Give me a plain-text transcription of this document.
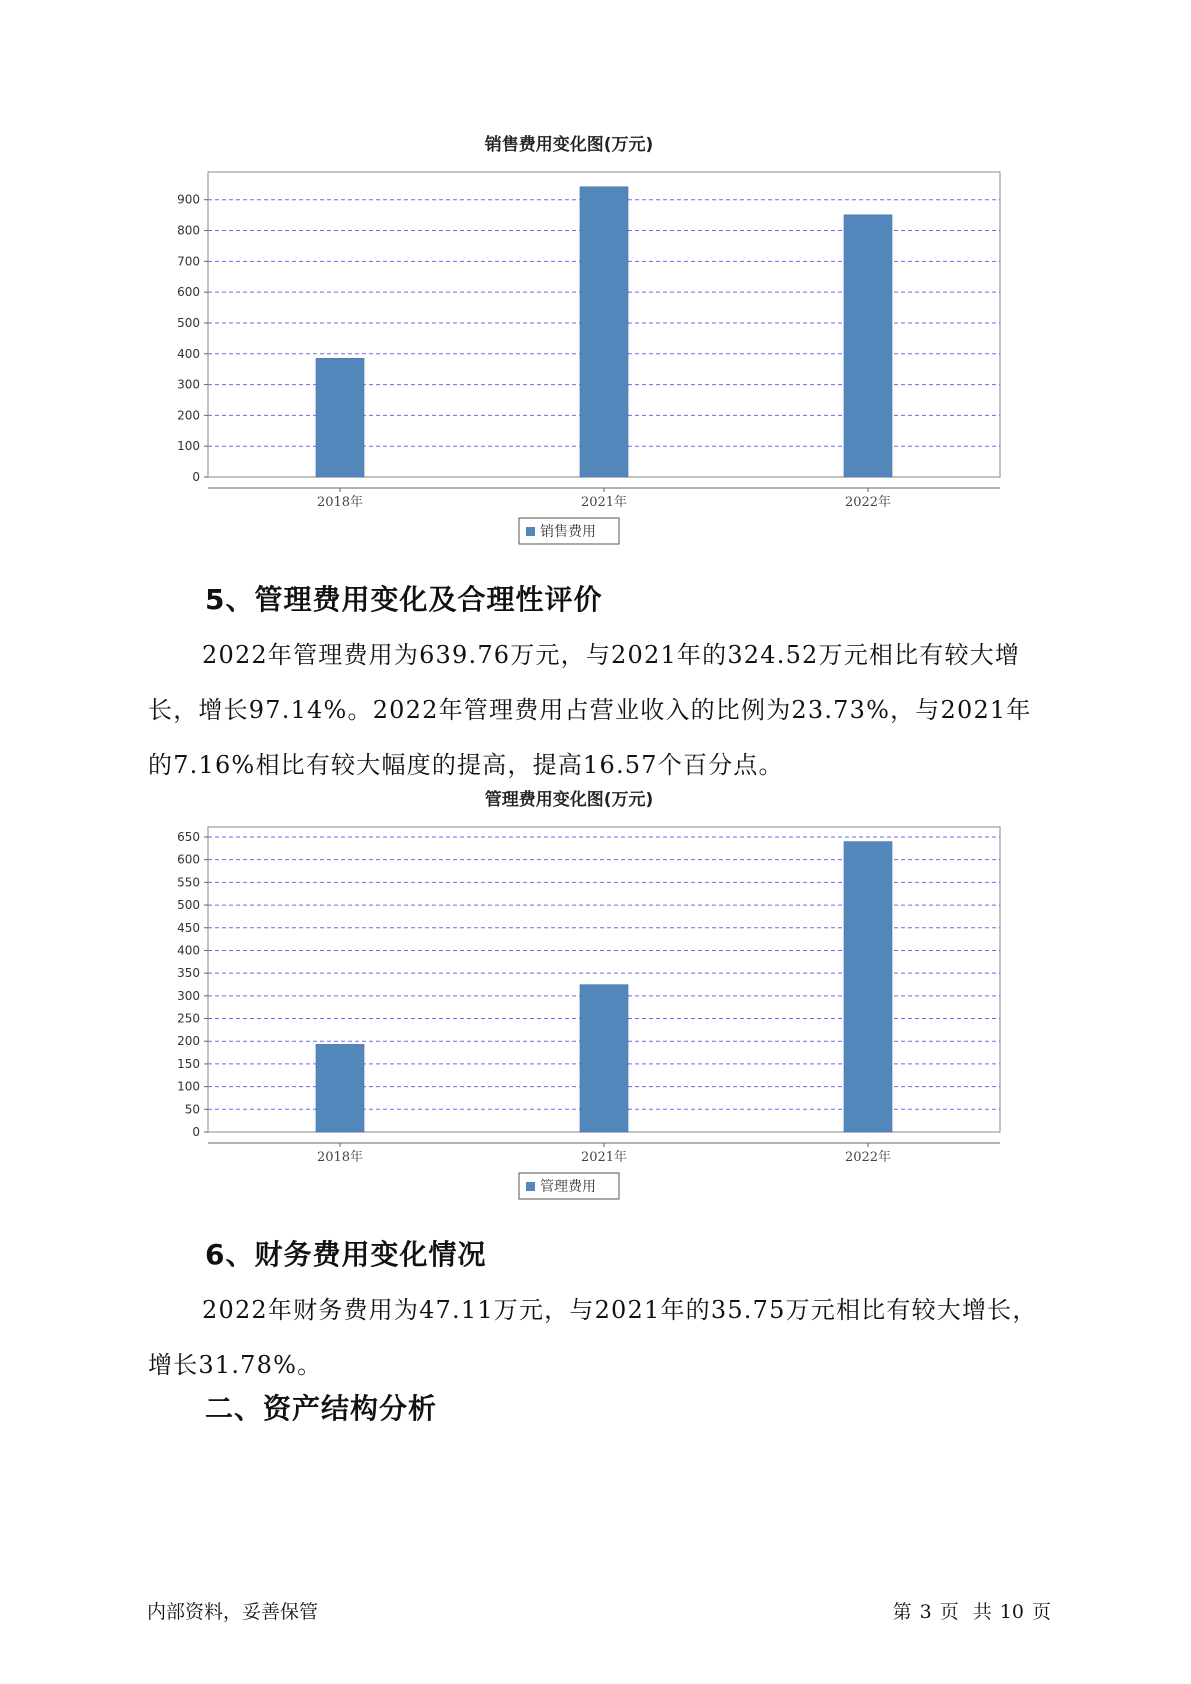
销售费用变化图(万元)
0
100
200
300
400
500
600
700
800
900
2018年	2021年	2022年
销售费用
5、管理费用变化及合理性评价

2022年管理费用为639.76万元，与2021年的324.52万元相比有较大增长，增长97.14%。2022年管理费用占营业收入的比例为23.73%，与2021年的7.16%相比有较大幅度的提高，提高16.57个百分点。

管理费用变化图(万元)
0
50
100
150
200
250
300
350
400
450
500
550
600
650
2018年	2021年	2022年
管理费用
6、财务费用变化情况

2022年财务费用为47.11万元，与2021年的35.75万元相比有较大增长，增长31.78%。

二、资产结构分析
内部资料，妥善保管	第 3 页 共 10 页
